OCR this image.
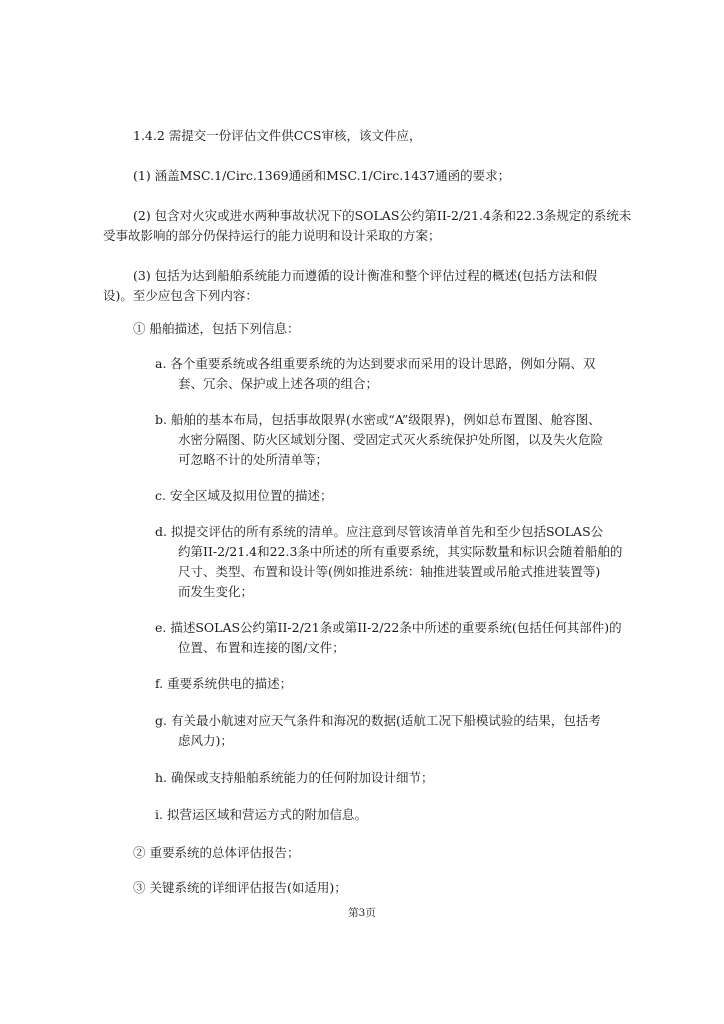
1.4.2 需提交一份评估文件供CCS审核，该文件应，

(1) 涵盖MSC.1/Circ.1369通函和MSC.1/Circ.1437通函的要求；

(2) 包含对火灾或进水两种事故状况下的SOLAS公约第II-2/21.4条和22.3条规定的系统未

受事故影响的部分仍保持运行的能力说明和设计采取的方案；

(3) 包括为达到船舶系统能力而遵循的设计衡准和整个评估过程的概述(包括方法和假

设)。至少应包含下列内容：

① 船舶描述，包括下列信息：

a. 各个重要系统或各组重要系统的为达到要求而采用的设计思路，例如分隔、双

套、冗余、保护或上述各项的组合；

b. 船舶的基本布局，包括事故限界(水密或“A”级限界)，例如总布置图、舱容图、

水密分隔图、防火区域划分图、受固定式灭火系统保护处所图，以及失火危险

可忽略不计的处所清单等；

c. 安全区域及拟用位置的描述；

d. 拟提交评估的所有系统的清单。应注意到尽管该清单首先和至少包括SOLAS公

约第II-2/21.4和22.3条中所述的所有重要系统，其实际数量和标识会随着船舶的

尺寸、类型、布置和设计等(例如推进系统：轴推进装置或吊舱式推进装置等)

而发生变化；

e. 描述SOLAS公约第II-2/21条或第II-2/22条中所述的重要系统(包括任何其部件)的

位置、布置和连接的图/文件；

f. 重要系统供电的描述；

g. 有关最小航速对应天气条件和海况的数据(适航工况下船模试验的结果，包括考

虑风力)；

h. 确保或支持船舶系统能力的任何附加设计细节；

i. 拟营运区域和营运方式的附加信息。

② 重要系统的总体评估报告；

③ 关键系统的详细评估报告(如适用)；

第3页
